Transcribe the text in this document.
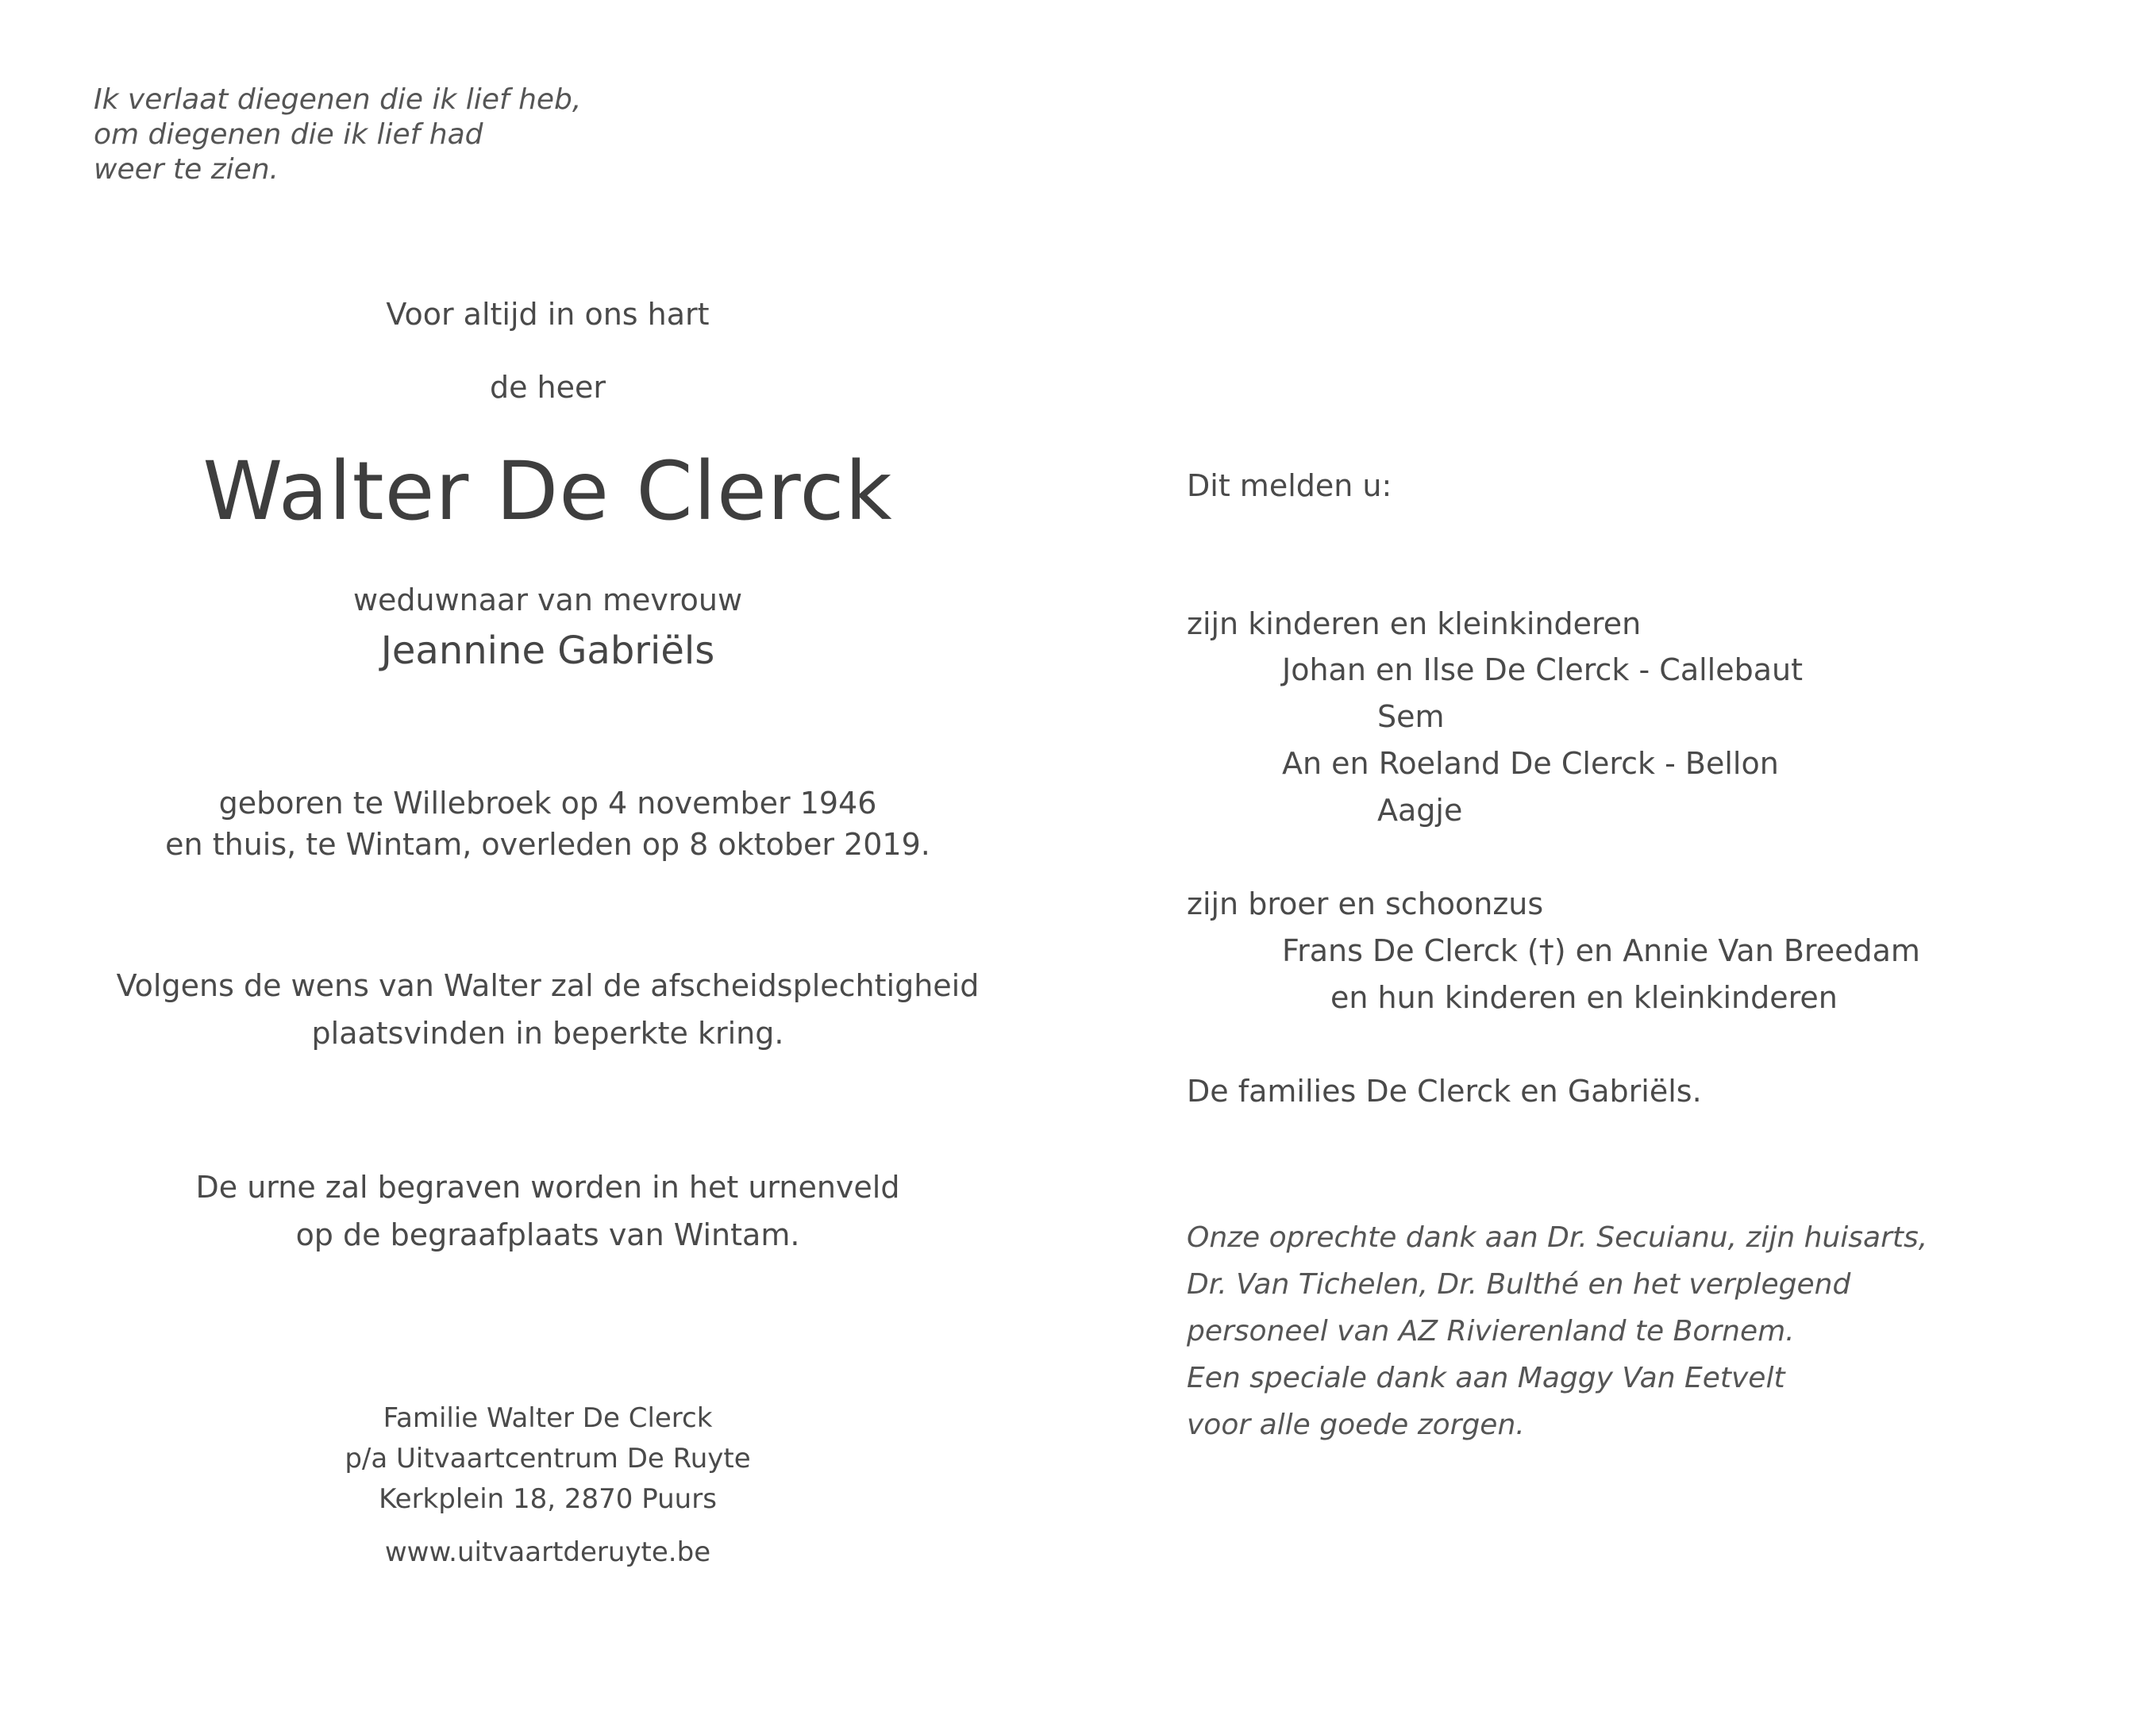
Ik verlaat diegenen die ik lief heb,
om diegenen die ik lief had
weer te zien.
Voor altijd in ons hart
de heer
Walter De Clerck
weduwnaar van mevrouw
Jeannine Gabriëls
geboren te Willebroek op 4 november 1946
en thuis, te Wintam, overleden op 8 oktober 2019.
Volgens de wens van Walter zal de afscheidsplechtigheid
plaatsvinden in beperkte kring.
De urne zal begraven worden in het urnenveld
op de begraafplaats van Wintam.
Familie Walter De Clerck
p/a Uitvaartcentrum De Ruyte
Kerkplein 18, 2870 Puurs
www.uitvaartderuyte.be
Dit melden u:
zijn kinderen en kleinkinderen
Johan en Ilse De Clerck - Callebaut
Sem
An en Roeland De Clerck - Bellon
Aagje
zijn broer en schoonzus
Frans De Clerck (†) en Annie Van Breedam
en hun kinderen en kleinkinderen
De families De Clerck en Gabriëls.
Onze oprechte dank aan Dr. Secuianu, zijn huisarts,
Dr. Van Tichelen, Dr. Bulthé en het verplegend
personeel van AZ Rivierenland te Bornem.
Een speciale dank aan Maggy Van Eetvelt
voor alle goede zorgen.
